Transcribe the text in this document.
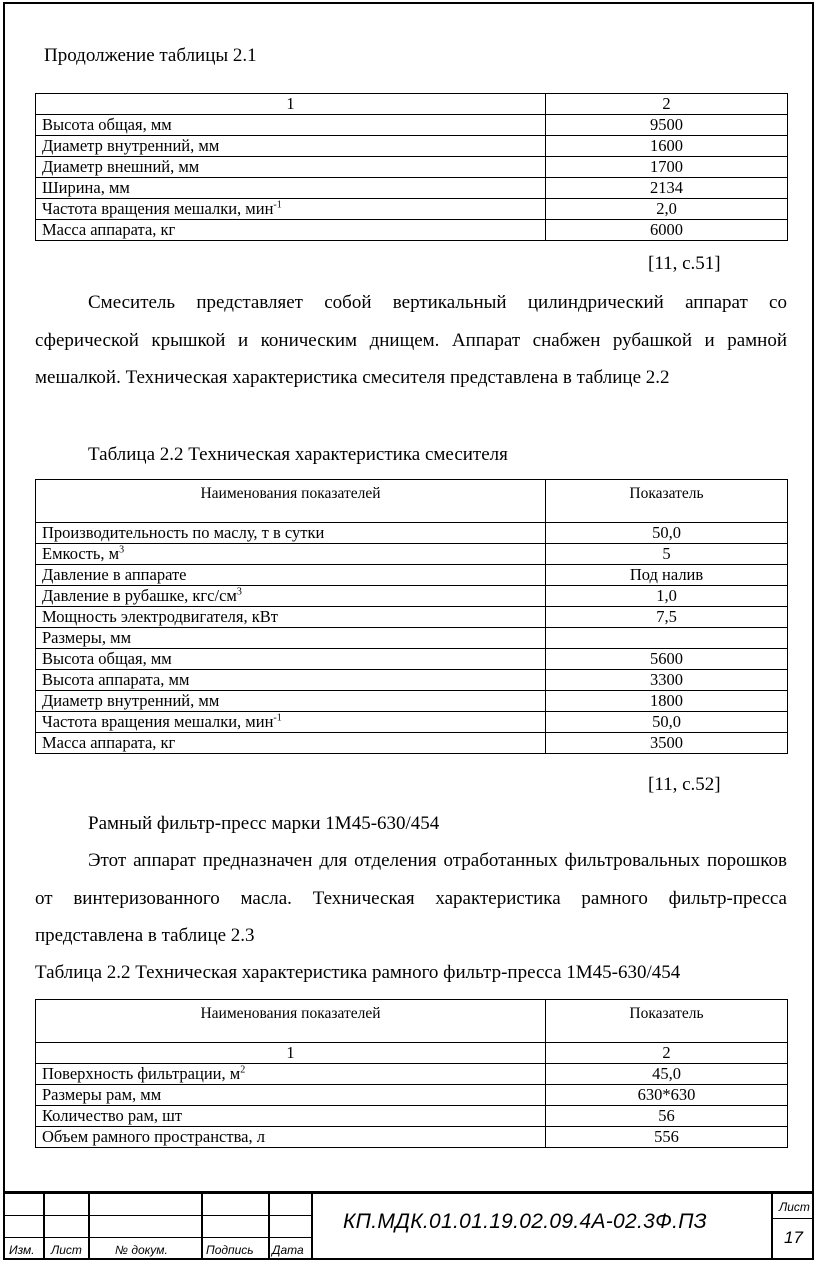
Продолжение таблицы 2.1
1	2
Высота общая, мм	9500
Диаметр внутренний, мм	1600
Диаметр внешний, мм	1700
Ширина, мм	2134
Частота вращения мешалки, мин$^{-1}$	2,0
Масса аппарата, кг	6000
[11, с.51]
Смеситель представляет собой вертикальный цилиндрический аппарат со сферической крышкой и коническим днищем. Аппарат снабжен рубашкой и рамной мешалкой. Техническая характеристика смесителя представлена в таблице 2.2
Таблица 2.2 Техническая характеристика смесителя
Наименования показателей	Показатель
Производительность по маслу, т в сутки	50,0
Емкость, $м^3$	5
Давление в аппарате	Под налив
Давление в рубашке, кгс/$см^3$	1,0
Мощность электродвигателя, кВт	7,5
Размеры, мм	
Высота общая, мм	5600
Высота аппарата, мм	3300
Диаметр внутренний, мм	1800
Частота вращения мешалки, мин$^{-1}$	50,0
Масса аппарата, кг	3500
[11, с.52]
Рамный фильтр-пресс марки 1М45-630/454
Этот аппарат предназначен для отделения отработанных фильтровальных порошков от винтеризованного масла. Техническая характеристика рамного фильтр-пресса представлена в таблице 2.3
Таблица 2.2 Техническая характеристика рамного фильтр-пресса 1М45-630/454
Наименования показателей	Показатель
1	2
Поверхность фильтрации, $м^2$	45,0
Размеры рам, мм	630*630
Количество рам, шт	56
Объем рамного пространства, л	556
Изм. Лист	№ докум.	Подпись Дата
КП.МДК.01.01.19.02.09.4А-02.3Ф.ПЗ
Лист
17
